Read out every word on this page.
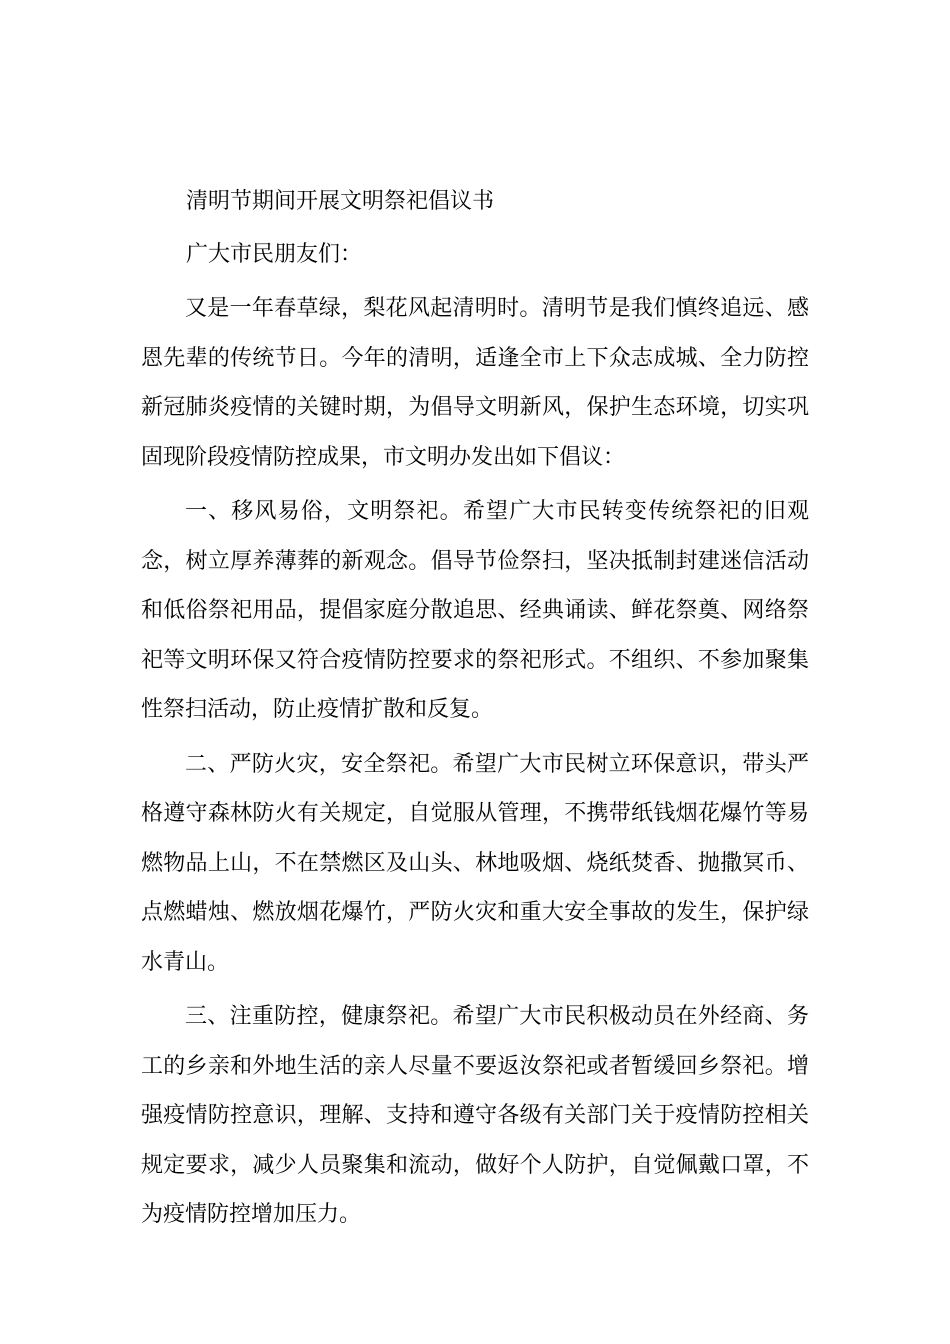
清明节期间开展文明祭祀倡议书
广大市民朋友们：

又是一年春草绿，梨花风起清明时。清明节是我们慎终追远、感恩先辈的传统节日。今年的清明，适逢全市上下众志成城、全力防控新冠肺炎疫情的关键时期，为倡导文明新风，保护生态环境，切实巩固现阶段疫情防控成果，市文明办发出如下倡议：

一、移风易俗，文明祭祀。希望广大市民转变传统祭祀的旧观念，树立厚养薄葬的新观念。倡导节俭祭扫，坚决抵制封建迷信活动和低俗祭祀用品，提倡家庭分散追思、经典诵读、鲜花祭奠、网络祭祀等文明环保又符合疫情防控要求的祭祀形式。不组织、不参加聚集性祭扫活动，防止疫情扩散和反复。

二、严防火灾，安全祭祀。希望广大市民树立环保意识，带头严格遵守森林防火有关规定，自觉服从管理，不携带纸钱烟花爆竹等易燃物品上山，不在禁燃区及山头、林地吸烟、烧纸焚香、抛撒冥币、点燃蜡烛、燃放烟花爆竹，严防火灾和重大安全事故的发生，保护绿水青山。

三、注重防控，健康祭祀。希望广大市民积极动员在外经商、务工的乡亲和外地生活的亲人尽量不要返汝祭祀或者暂缓回乡祭祀。增强疫情防控意识，理解、支持和遵守各级有关部门关于疫情防控相关规定要求，减少人员聚集和流动，做好个人防护，自觉佩戴口罩，不为疫情防控增加压力。
